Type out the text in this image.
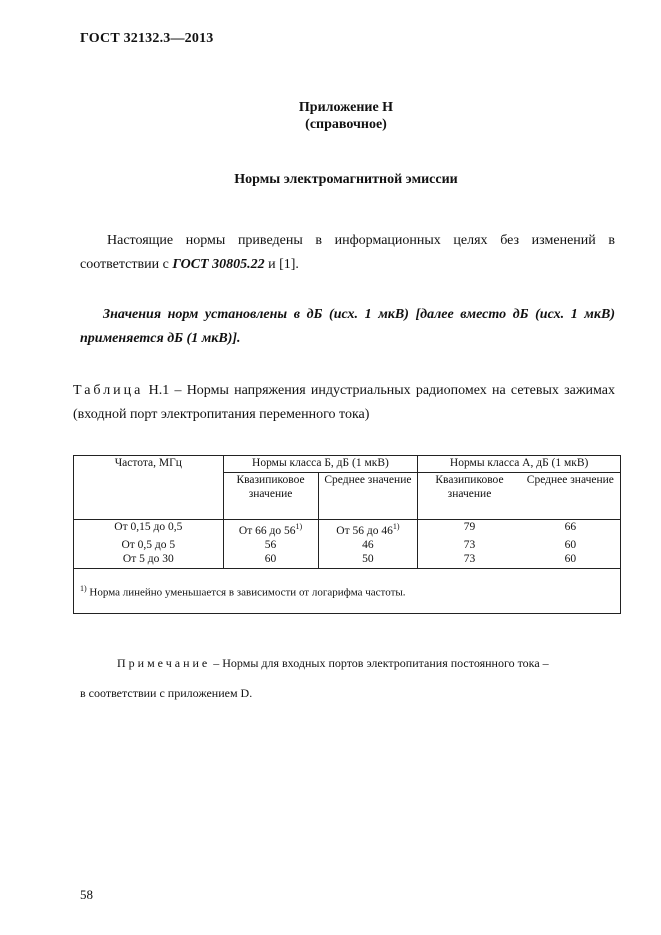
ГОСТ 32132.3—2013
Приложение Н
(справочное)
Нормы электромагнитной эмиссии
Настоящие нормы приведены в информационных целях без изменений в соответствии с ГОСТ 30805.22 и [1].
Значения норм установлены в дБ (исх. 1 мкВ) [далее вместо дБ (исх. 1 мкВ) применяется дБ (1 мкВ)].
Таблица Н.1 – Нормы напряжения индустриальных радиопомех на сетевых зажимах (входной порт электропитания переменного тока)
Частота, МГц	Нормы класса Б, дБ (1 мкВ)		Нормы класса А, дБ (1 мкВ)	
	Квазипиковое значение	Среднее значение	Квазипиковое значение	Среднее значение
От 0,15 до 0,5	От 66 до 56$^{1)}$	От 56 до 46$^{1)}$	79	66
От 0,5 до 5	56	46	73	60
От 5 до 30	60	50	73	60
$^{1)}$ Норма линейно уменьшается в зависимости от логарифма частоты.				
Примечание – Нормы для входных портов электропитания постоянного тока –
в соответствии с приложением D.
58
